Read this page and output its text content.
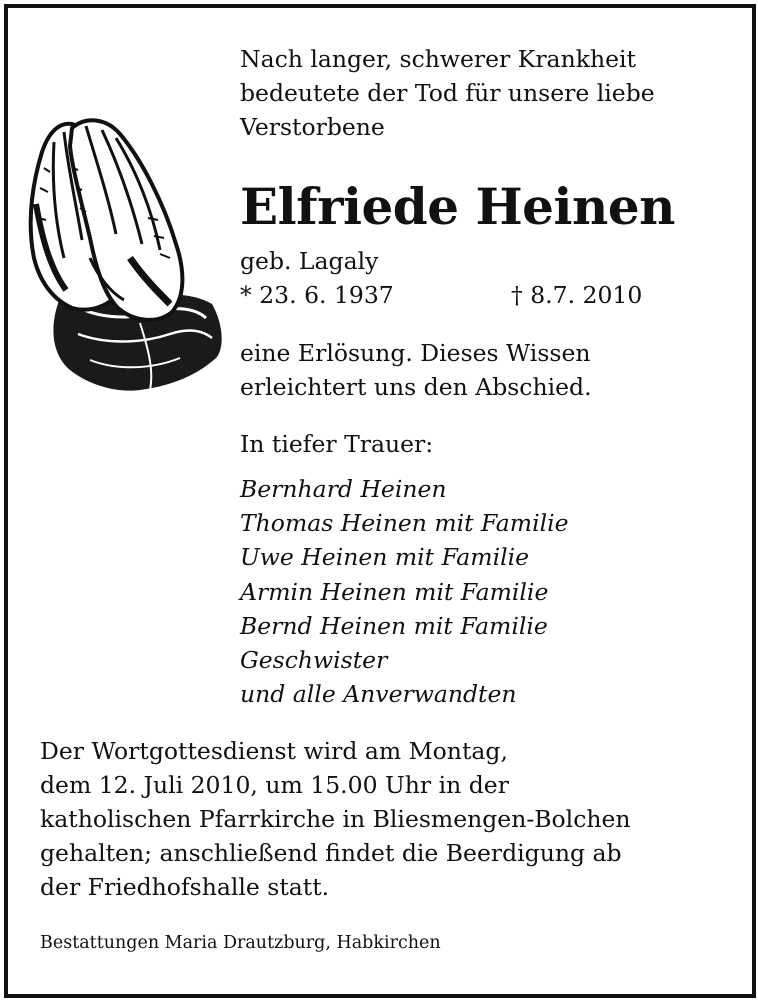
Nach langer, schwerer Krankheit
bedeutete der Tod für unsere liebe
Verstorbene
Elfriede Heinen
geb. Lagaly
* 23. 6. 1937	† 8.7. 2010
eine Erlösung. Dieses Wissen
erleichtert uns den Abschied.
In tiefer Trauer:
Bernhard Heinen
Thomas Heinen mit Familie
Uwe Heinen mit Familie
Armin Heinen mit Familie
Bernd Heinen mit Familie
Geschwister
und alle Anverwandten
Der Wortgottesdienst wird am Montag,
dem 12. Juli 2010, um 15.00 Uhr in der
katholischen Pfarrkirche in Bliesmengen-Bolchen
gehalten; anschließend findet die Beerdigung ab
der Friedhofshalle statt.
Bestattungen Maria Drautzburg, Habkirchen
